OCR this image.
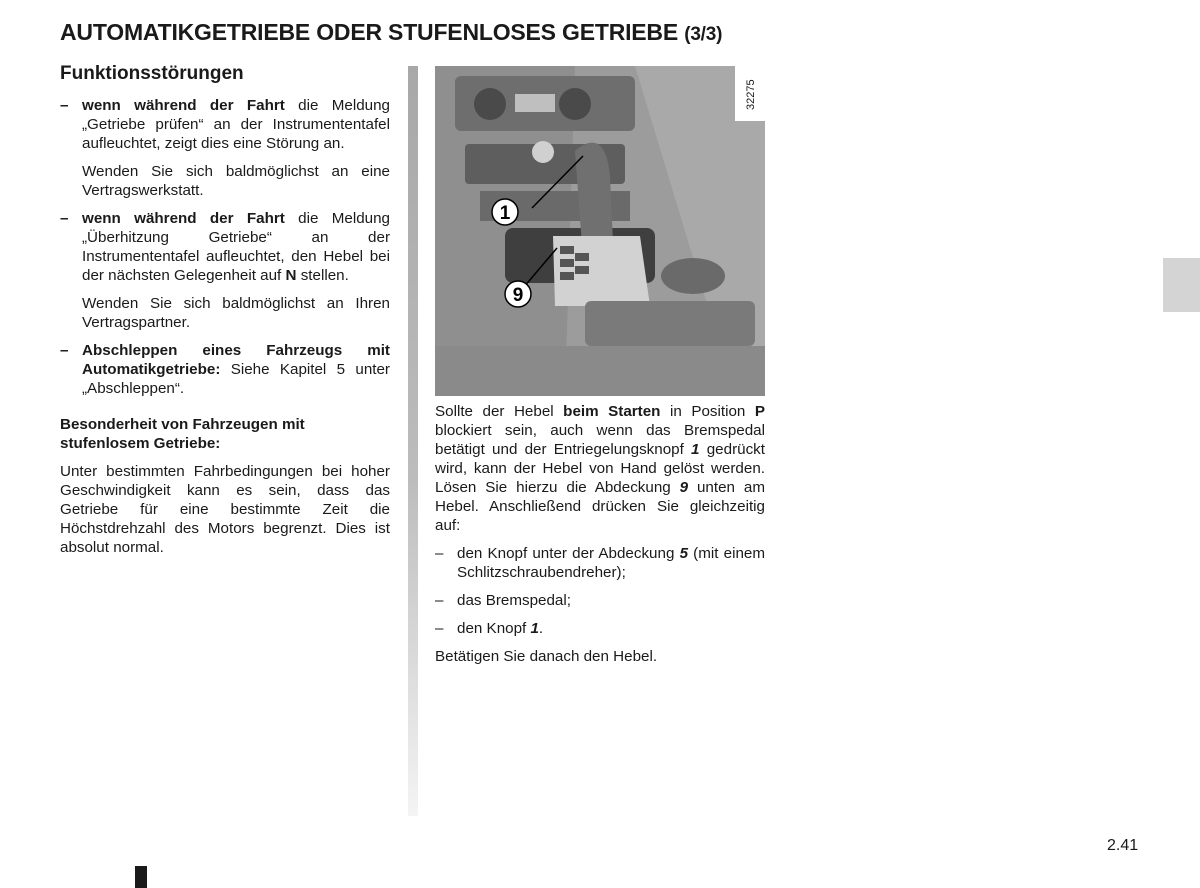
AUTOMATIKGETRIEBE ODER STUFENLOSES GETRIEBE (3/3)
Funktionsstörungen
– wenn während der Fahrt die Meldung „Getriebe prüfen“ an der Instrumententafel aufleuchtet, zeigt dies eine Störung an.
Wenden Sie sich baldmöglichst an eine Vertragswerkstatt.
– wenn während der Fahrt die Meldung „Überhitzung Getriebe“ an der Instrumententafel aufleuchtet, den Hebel bei der nächsten Gelegenheit auf N stellen.
Wenden Sie sich baldmöglichst an Ihren Vertragspartner.
– Abschleppen eines Fahrzeugs mit Automatikgetriebe: Siehe Kapitel 5 unter „Abschleppen“.
Besonderheit von Fahrzeugen mit stufenlosem Getriebe:
Unter bestimmten Fahrbedingungen bei hoher Geschwindigkeit kann es sein, dass das Getriebe für eine bestimmte Zeit die Höchstdrehzahl des Motors begrenzt. Dies ist absolut normal.
1
9
32275
Sollte der Hebel beim Starten in Position P blockiert sein, auch wenn das Bremspedal betätigt und der Entriegelungsknopf 1 gedrückt wird, kann der Hebel von Hand gelöst werden. Lösen Sie hierzu die Abdeckung 9 unten am Hebel. Anschließend drücken Sie gleichzeitig auf:
– den Knopf unter der Abdeckung 5 (mit einem Schlitzschraubendreher);
– das Bremspedal;
– den Knopf 1.
Betätigen Sie danach den Hebel.
2.41
